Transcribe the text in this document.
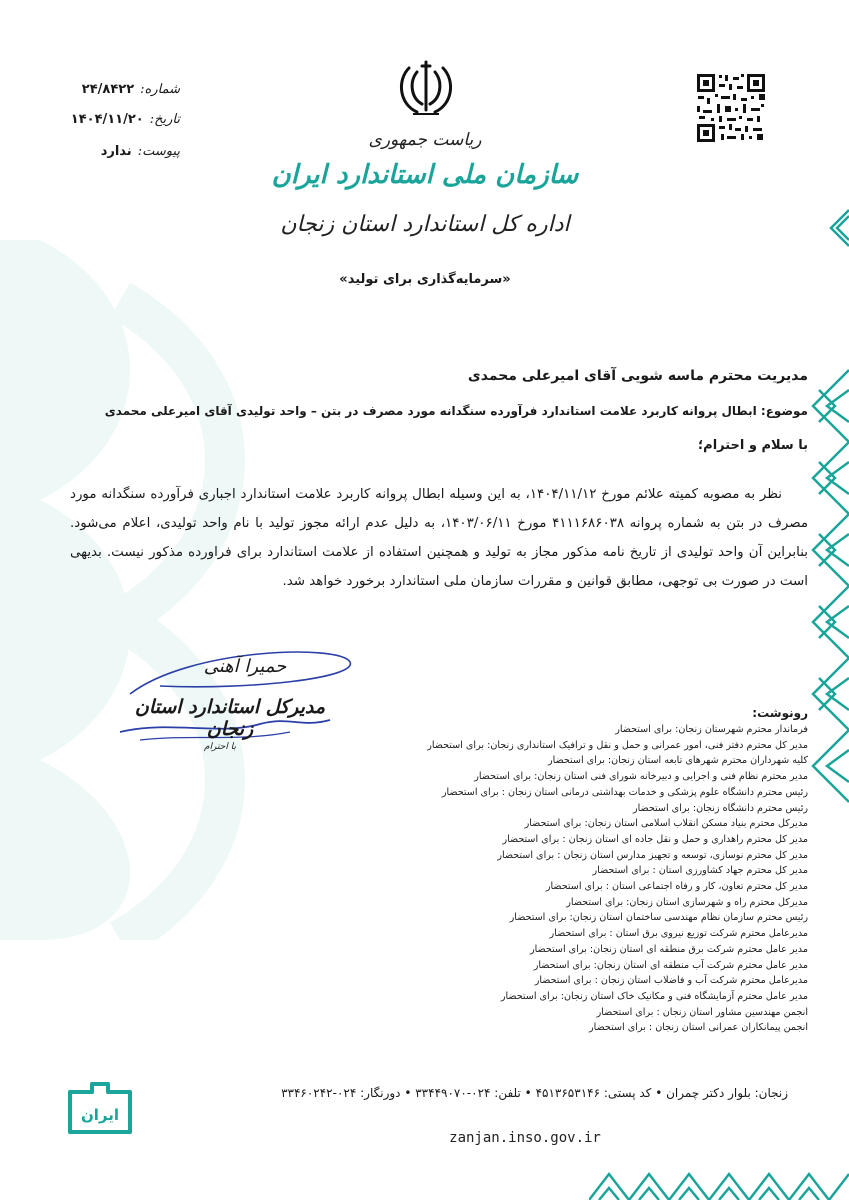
ریاست جمهوری
سازمان ملی استاندارد ایران
اداره کل استاندارد استان زنجان
«سرمایه‌گذاری برای تولید»
شماره:
۲۴/۸۴۲۲
تاریخ:
۱۴۰۴/۱۱/۲۰
پیوست:
ندارد
مدیریت محترم ماسه شویی آقای امیرعلی محمدی
موضوع: ابطال پروانه کاربرد علامت استاندارد فرآورده سنگدانه مورد مصرف در بتن – واحد تولیدی آقای امیرعلی محمدی
با سلام و احترام؛
نظر به مصوبه کمیته علائم مورخ ۱۴۰۴/۱۱/۱۲، به این وسیله ابطال پروانه کاربرد علامت استاندارد اجباری فرآورده سنگدانه مورد مصرف در بتن به شماره پروانه ۴۱۱۱۶۸۶۰۳۸ مورخ ۱۴۰۳/۰۶/۱۱، به دلیل عدم ارائه مجوز تولید با نام واحد تولیدی، اعلام می‌شود. بنابراین آن واحد تولیدی از تاریخ نامه مذکور مجاز به تولید و همچنین استفاده از علامت استاندارد برای فراورده مذکور نیست. بدیهی است در صورت بی توجهی، مطابق قوانین و مقررات سازمان ملی استاندارد برخورد خواهد شد.
حمیرا آهنی
مدیرکل استاندارد استان زنجان
با احترام
رونوشت:
فرماندار محترم شهرستان زنجان: برای استحضار
مدیر کل محترم دفتر فنی، امور عمرانی و حمل و نقل و ترافیک استانداری زنجان: برای استحضار
کلیه شهرداران محترم شهرهای تابعه استان زنجان: برای استحضار
مدیر محترم نظام فنی و اجرایی و دبیرخانه شورای فنی استان زنجان: برای استحضار
رئیس محترم دانشگاه علوم پزشکی و خدمات بهداشتی درمانی استان زنجان : برای استحضار
رئیس محترم دانشگاه زنجان: برای استحضار
مدیرکل محترم بنیاد مسکن انقلاب اسلامی استان زنجان: برای استحضار
مدیر کل محترم راهداری و حمل و نقل جاده ای استان زنجان : برای استحضار
مدیر کل محترم نوسازی، توسعه و تجهیز مدارس استان زنجان : برای استحضار
مدیر کل محترم جهاد کشاورزی استان : برای استحضار
مدیر کل محترم تعاون، کار و رفاه اجتماعی استان : برای استحضار
مدیرکل محترم راه و شهرسازی استان زنجان: برای استحضار
رئیس محترم سازمان نظام مهندسی ساختمان استان زنجان: برای استحضار
مدیرعامل محترم شرکت توزیع نیروی برق استان : برای استحضار
مدیر عامل محترم شرکت برق منطقه ای استان زنجان: برای استحضار
مدیر عامل محترم شرکت آب منطقه ای استان زنجان: برای استحضار
مدیرعامل محترم شرکت آب و فاضلاب استان زنجان : برای استحضار
مدیر عامل محترم آزمایشگاه فنی و مکانیک خاک استان زنجان: برای استحضار
انجمن مهندسین مشاور استان زنجان : برای استحضار
انجمن پیمانکاران عمرانی استان زنجان : برای استحضار
ايران
زنجان: بلوار دکتر چمران • کد پستی: ۴۵۱۳۶۵۳۱۴۶ • تلفن: ۰۲۴-۳۳۴۴۹۰۷۰ • دورنگار: ۰۲۴-۳۳۴۶۰۲۴۲
zanjan.inso.gov.ir
